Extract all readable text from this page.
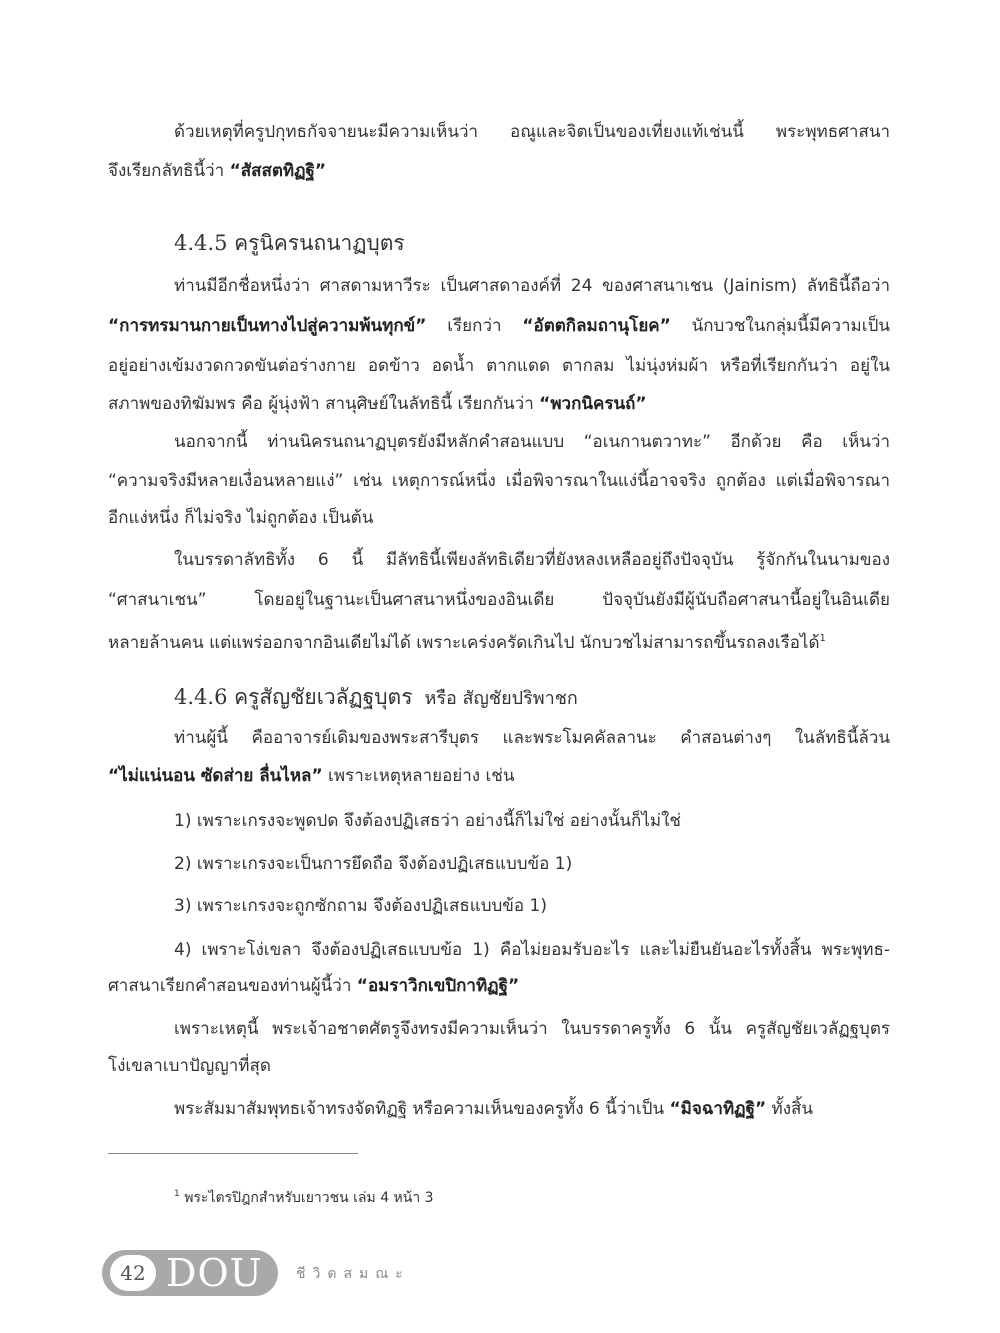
ด้วยเหตุที่ครูปกุทธกัจจายนะมีความเห็นว่า อณูและจิตเป็นของเที่ยงแท้เช่นนี้ พระพุทธศาสนา
จึงเรียกลัทธินี้ว่า “สัสสตทิฏฐิ”
4.4.5 ครูนิครนถนาฏบุตร
ท่านมีอีกชื่อหนึ่งว่า ศาสดามหาวีระ เป็นศาสดาองค์ที่ 24 ของศาสนาเชน (Jainism) ลัทธินี้ถือว่า
“การทรมานกายเป็นทางไปสู่ความพ้นทุกข์” เรียกว่า “อัตตกิลมถานุโยค” นักบวชในกลุ่มนี้มีความเป็น
อยู่อย่างเข้มงวดกวดขันต่อร่างกาย อดข้าว อดน้ำ ตากแดด ตากลม ไม่นุ่งห่มผ้า หรือที่เรียกกันว่า อยู่ใน
สภาพของทิฆัมพร คือ ผู้นุ่งฟ้า สานุศิษย์ในลัทธินี้ เรียกกันว่า “พวกนิครนถ์”
นอกจากนี้ ท่านนิครนถนาฏบุตรยังมีหลักคำสอนแบบ “อเนกานตวาทะ” อีกด้วย คือ เห็นว่า
“ความจริงมีหลายเงื่อนหลายแง่” เช่น เหตุการณ์หนึ่ง เมื่อพิจารณาในแง่นี้อาจจริง ถูกต้อง แต่เมื่อพิจารณา
อีกแง่หนึ่ง ก็ไม่จริง ไม่ถูกต้อง เป็นต้น
ในบรรดาลัทธิทั้ง 6 นี้ มีลัทธินี้เพียงลัทธิเดียวที่ยังหลงเหลืออยู่ถึงปัจจุบัน รู้จักกันในนามของ
“ศาสนาเชน” โดยอยู่ในฐานะเป็นศาสนาหนึ่งของอินเดีย ปัจจุบันยังมีผู้นับถือศาสนานี้อยู่ในอินเดีย
หลายล้านคน แต่แพร่ออกจากอินเดียไม่ได้ เพราะเคร่งครัดเกินไป นักบวชไม่สามารถขึ้นรถลงเรือได้$^1$
4.4.6 ครูสัญชัยเวลัฏฐบุตร หรือ สัญชัยปริพาชก
ท่านผู้นี้ คืออาจารย์เดิมของพระสารีบุตร และพระโมคคัลลานะ คำสอนต่างๆ ในลัทธินี้ล้วน
“ไม่แน่นอน ซัดส่าย ลื่นไหล” เพราะเหตุหลายอย่าง เช่น
1) เพราะเกรงจะพูดปด จึงต้องปฏิเสธว่า อย่างนี้ก็ไม่ใช่ อย่างนั้นก็ไม่ใช่
2) เพราะเกรงจะเป็นการยึดถือ จึงต้องปฏิเสธแบบข้อ 1)
3) เพราะเกรงจะถูกซักถาม จึงต้องปฏิเสธแบบข้อ 1)
4) เพราะโง่เขลา จึงต้องปฏิเสธแบบข้อ 1) คือไม่ยอมรับอะไร และไม่ยืนยันอะไรทั้งสิ้น พระพุทธ-
ศาสนาเรียกคำสอนของท่านผู้นี้ว่า “อมราวิกเขปิกาทิฏฐิ”
เพราะเหตุนี้ พระเจ้าอชาตศัตรูจึงทรงมีความเห็นว่า ในบรรดาครูทั้ง 6 นั้น ครูสัญชัยเวลัฏฐบุตร
โง่เขลาเบาปัญญาที่สุด
พระสัมมาสัมพุทธเจ้าทรงจัดทิฏฐิ หรือความเห็นของครูทั้ง 6 นี้ว่าเป็น “มิจฉาทิฏฐิ” ทั้งสิ้น
$^1$ พระไตรปิฎกสำหรับเยาวชน เล่ม 4 หน้า 3
42 DOU ชีวิตสมณะ
